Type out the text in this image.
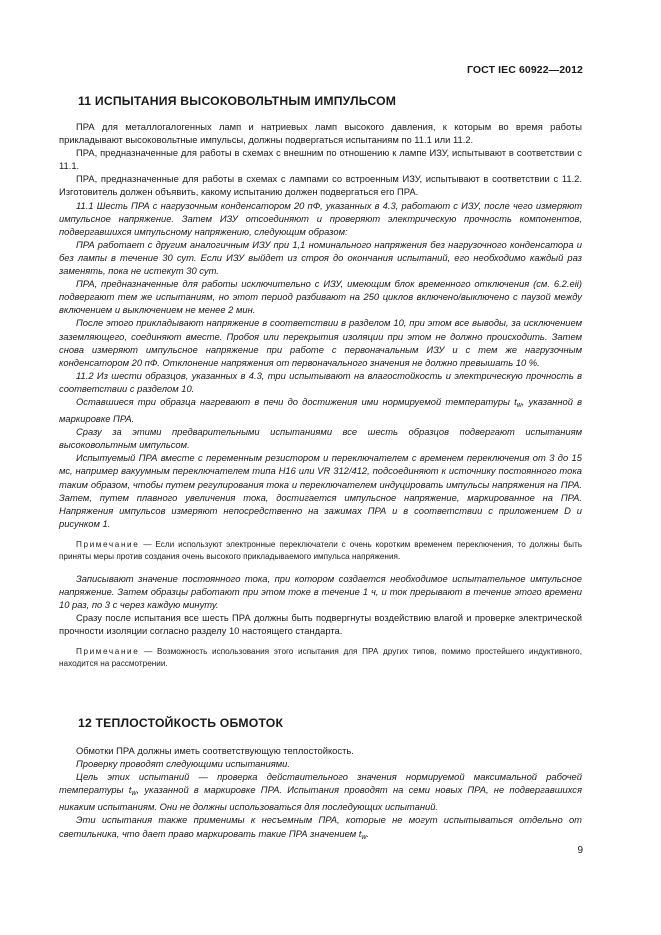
ГОСТ IEC 60922—2012
11 ИСПЫТАНИЯ ВЫСОКОВОЛЬТНЫМ ИМПУЛЬСОМ

ПРА для металлогалогенных ламп и натриевых ламп высокого давления, к которым во время работы прикладывают высоковольтные импульсы, должны подвергаться испытаниям по 11.1 или 11.2.

ПРА, предназначенные для работы в схемах с внешним по отношению к лампе ИЗУ, испытывают в соответствии с 11.1.

ПРА, предназначенные для работы в схемах с лампами со встроенным ИЗУ, испытывают в соответствии с 11.2. Изготовитель должен объявить, какому испытанию должен подвергаться его ПРА.

11.1 Шесть ПРА с нагрузочным конденсатором 20 пФ, указанных в 4.3, работают с ИЗУ, после чего измеряют импульсное напряжение. Затем ИЗУ отсоединяют и проверяют электрическую прочность компонентов, подвергавшихся импульсному напряжению, следующим образом:

ПРА работает с другим аналогичным ИЗУ при 1,1 номинального напряжения без нагрузочного конденсатора и без лампы в течение 30 сут. Если ИЗУ выйдет из строя до окончания испытаний, его необходимо каждый раз заменять, пока не истекут 30 сут.

ПРА, предназначенные для работы исключительно с ИЗУ, имеющим блок временного отключения (см. 6.2.еii) подвергают тем же испытаниям, но этот период разбивают на 250 циклов включено/выключено с паузой между включением и выключением не менее 2 мин.

После этого прикладывают напряжение в соответствии в разделом 10, при этом все выводы, за исключением заземляющего, соединяют вместе. Пробоя или перекрытия изоляции при этом не должно происходить. Затем снова измеряют импульсное напряжение при работе с первоначальным ИЗУ и с тем же нагрузочным конденсатором 20 пФ. Отклонение напряжения от первоначального значения не должно превышать 10 %.

11.2 Из шести образцов, указанных в 4.3, три испытывают на влагостойкость и электрическую прочность в соответствии с разделом 10.

Оставшиеся три образца нагревают в печи до достижения ими нормируемой температуры $t_w$, указанной в маркировке ПРА.

Сразу за этими предварительными испытаниями все шесть образцов подвергают испытаниям высоковольтным импульсом.

Испытуемый ПРА вместе с переменным резистором и переключателем с временем переключения от 3 до 15 мс, например вакуумным переключателем типа H16 или VR 312/412, подсоединяют к источнику постоянного тока таким образом, чтобы путем регулирования тока и переключателем индуцировать импульсы напряжения на ПРА. Затем, путем плавного увеличения тока, достигается импульсное напряжение, маркированное на ПРА. Напряжения импульсов измеряют непосредственно на зажимах ПРА и в соответствии с приложением D и рисунком 1.

Примечание — Если используют электронные переключатели с очень коротким временем переключения, то должны быть приняты меры против создания очень высокого прикладываемого импульса напряжения.

Записывают значение постоянного тока, при котором создается необходимое испытательное импульсное напряжение. Затем образцы работают при этом токе в течение 1 ч, и ток прерывают в течение этого времени 10 раз, по 3 с через каждую минуту.

Сразу после испытания все шесть ПРА должны быть подвергнуты воздействию влагой и проверке электрической прочности изоляции согласно разделу 10 настоящего стандарта.

Примечание — Возможность использования этого испытания для ПРА других типов, помимо простейшего индуктивного, находится на рассмотрении.

12 ТЕПЛОСТОЙКОСТЬ ОБМОТОК

Обмотки ПРА должны иметь соответствующую теплостойкость.

Проверку проводят следующими испытаниями.

Цель этих испытаний — проверка действительного значения нормируемой максимальной рабочей температуры $t_w$, указанной в маркировке ПРА. Испытания проводят на семи новых ПРА, не подвергавшихся никаким испытаниям. Они не должны использоваться для последующих испытаний.

Эти испытания также применимы к несъемным ПРА, которые не могут испытываться отдельно от светильника, что дает право маркировать такие ПРА значением $t_w$.

9
